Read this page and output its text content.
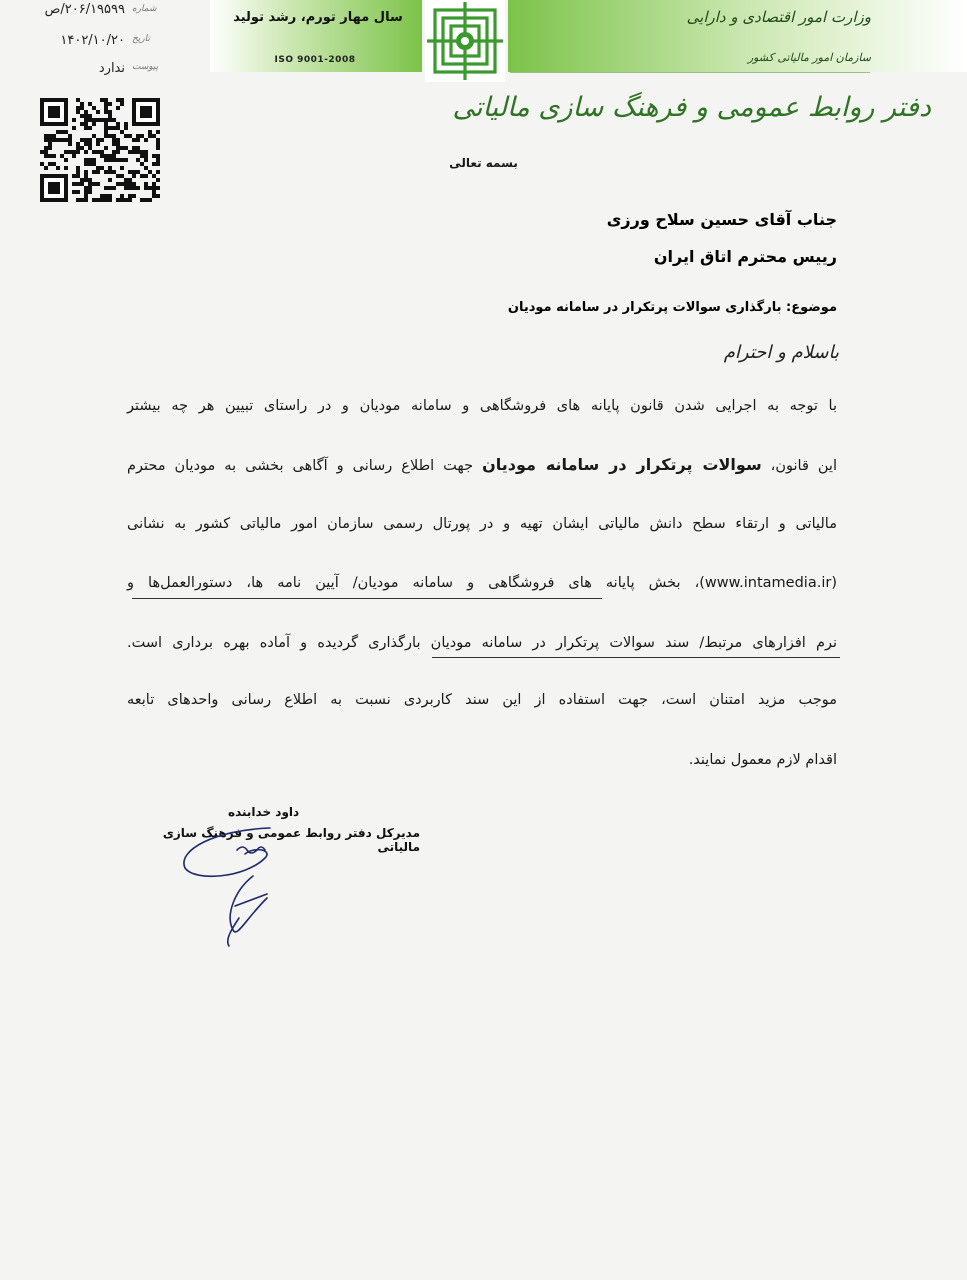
سال مهار تورم، رشد تولید
ISO 9001-2008
وزارت امور اقتصادی و دارایی
سازمان امور مالیاتی کشور
دفتر روابط عمومی و فرهنگ سازی مالیاتی
۲۰۶/۱۹۵۹۹/ص شماره
۱۴۰۲/۱۰/۲۰ تاریخ
ندارد پیوست
بسمه تعالی
جناب آقای حسین سلاح ورزی
رییس محترم اتاق ایران
موضوع: بارگذاری سوالات پرتکرار در سامانه مودیان
باسلام و احترام
با توجه به اجرایی شدن قانون پایانه های فروشگاهی و سامانه مودیان و در راستای تبیین هر چه بیشتر
این قانون، سوالات پرتکرار در سامانه مودیان جهت اطلاع رسانی و آگاهی بخشی به مودیان محترم
مالیاتی و ارتقاء سطح دانش مالیاتی ایشان تهیه و در پورتال رسمی سازمان امور مالیاتی کشور به نشانی
(www.intamedia.ir)، بخش پایانه های فروشگاهی و سامانه مودیان/ آیین نامه ها، دستورالعمل‌ها و
نرم افزارهای مرتبط/ سند سوالات پرتکرار در سامانه مودیان بارگذاری گردیده و آماده بهره برداری است.
موجب مزید امتنان است، جهت استفاده از این سند کاربردی نسبت به اطلاع رسانی واحدهای تابعه
اقدام لازم معمول نمایند.
داود خدابنده
مدیرکل دفتر روابط عمومی و فرهنگ سازی مالیاتی
